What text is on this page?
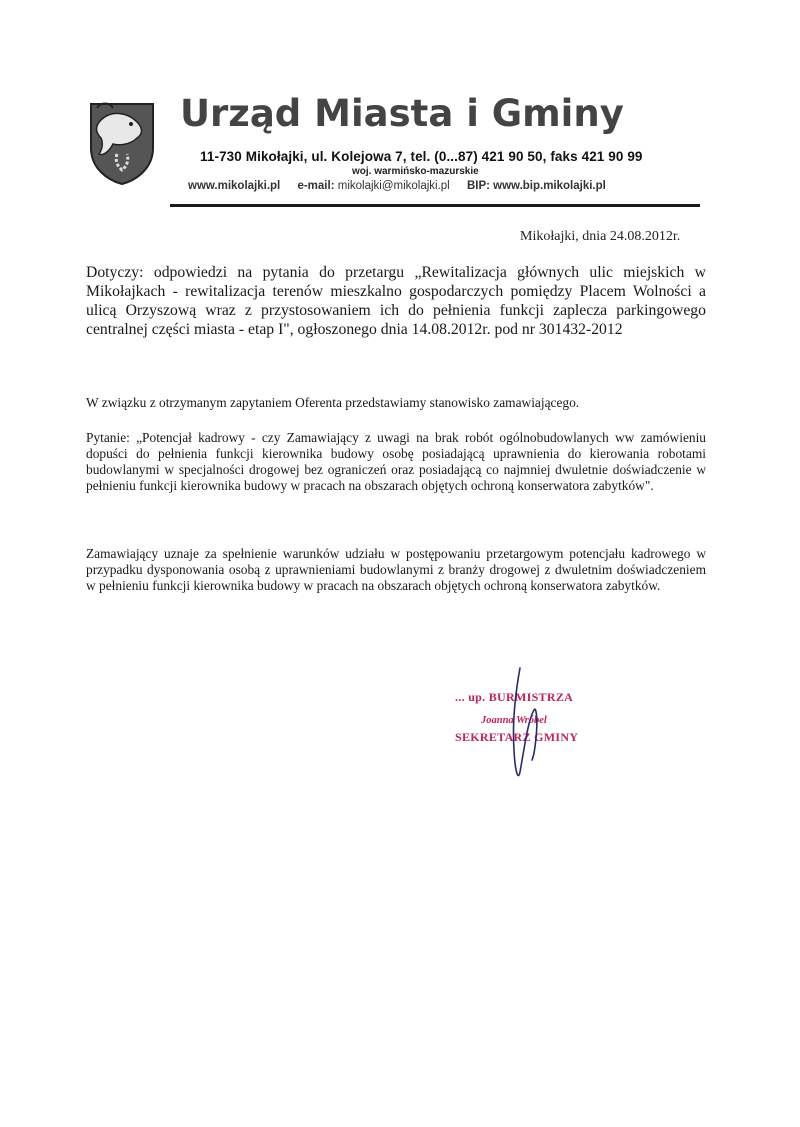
Urząd Miasta i Gminy
11-730 Mikołajki, ul. Kolejowa 7, tel. (0...87) 421 90 50, faks 421 90 99
woj. warmińsko-mazurskie
www.mikolajki.pl e-mail: mikolajki@mikolajki.pl BIP: www.bip.mikolajki.pl
Mikołajki, dnia 24.08.2012r.
Dotyczy: odpowiedzi na pytania do przetargu „Rewitalizacja głównych ulic miejskich w Mikołajkach - rewitalizacja terenów mieszkalno gospodarczych pomiędzy Placem Wolności a ulicą Orzyszową wraz z przystosowaniem ich do pełnienia funkcji zaplecza parkingowego centralnej części miasta - etap I", ogłoszonego dnia 14.08.2012r. pod nr 301432-2012
W związku z otrzymanym zapytaniem Oferenta przedstawiamy stanowisko zamawiającego.
Pytanie: „Potencjał kadrowy - czy Zamawiający z uwagi na brak robót ogólnobudowlanych ww zamówieniu dopuści do pełnienia funkcji kierownika budowy osobę posiadającą uprawnienia do kierowania robotami budowlanymi w specjalności drogowej bez ograniczeń oraz posiadającą co najmniej dwuletnie doświadczenie w pełnieniu funkcji kierownika budowy w pracach na obszarach objętych ochroną konserwatora zabytków".
Zamawiający uznaje za spełnienie warunków udziału w postępowaniu przetargowym potencjału kadrowego w przypadku dysponowania osobą z uprawnieniami budowlanymi z branży drogowej z dwuletnim doświadczeniem w pełnieniu funkcji kierownika budowy w pracach na obszarach objętych ochroną konserwatora zabytków.
... up. BURMISTRZA
Joanna Wróbel
SEKRETARZ GMINY
